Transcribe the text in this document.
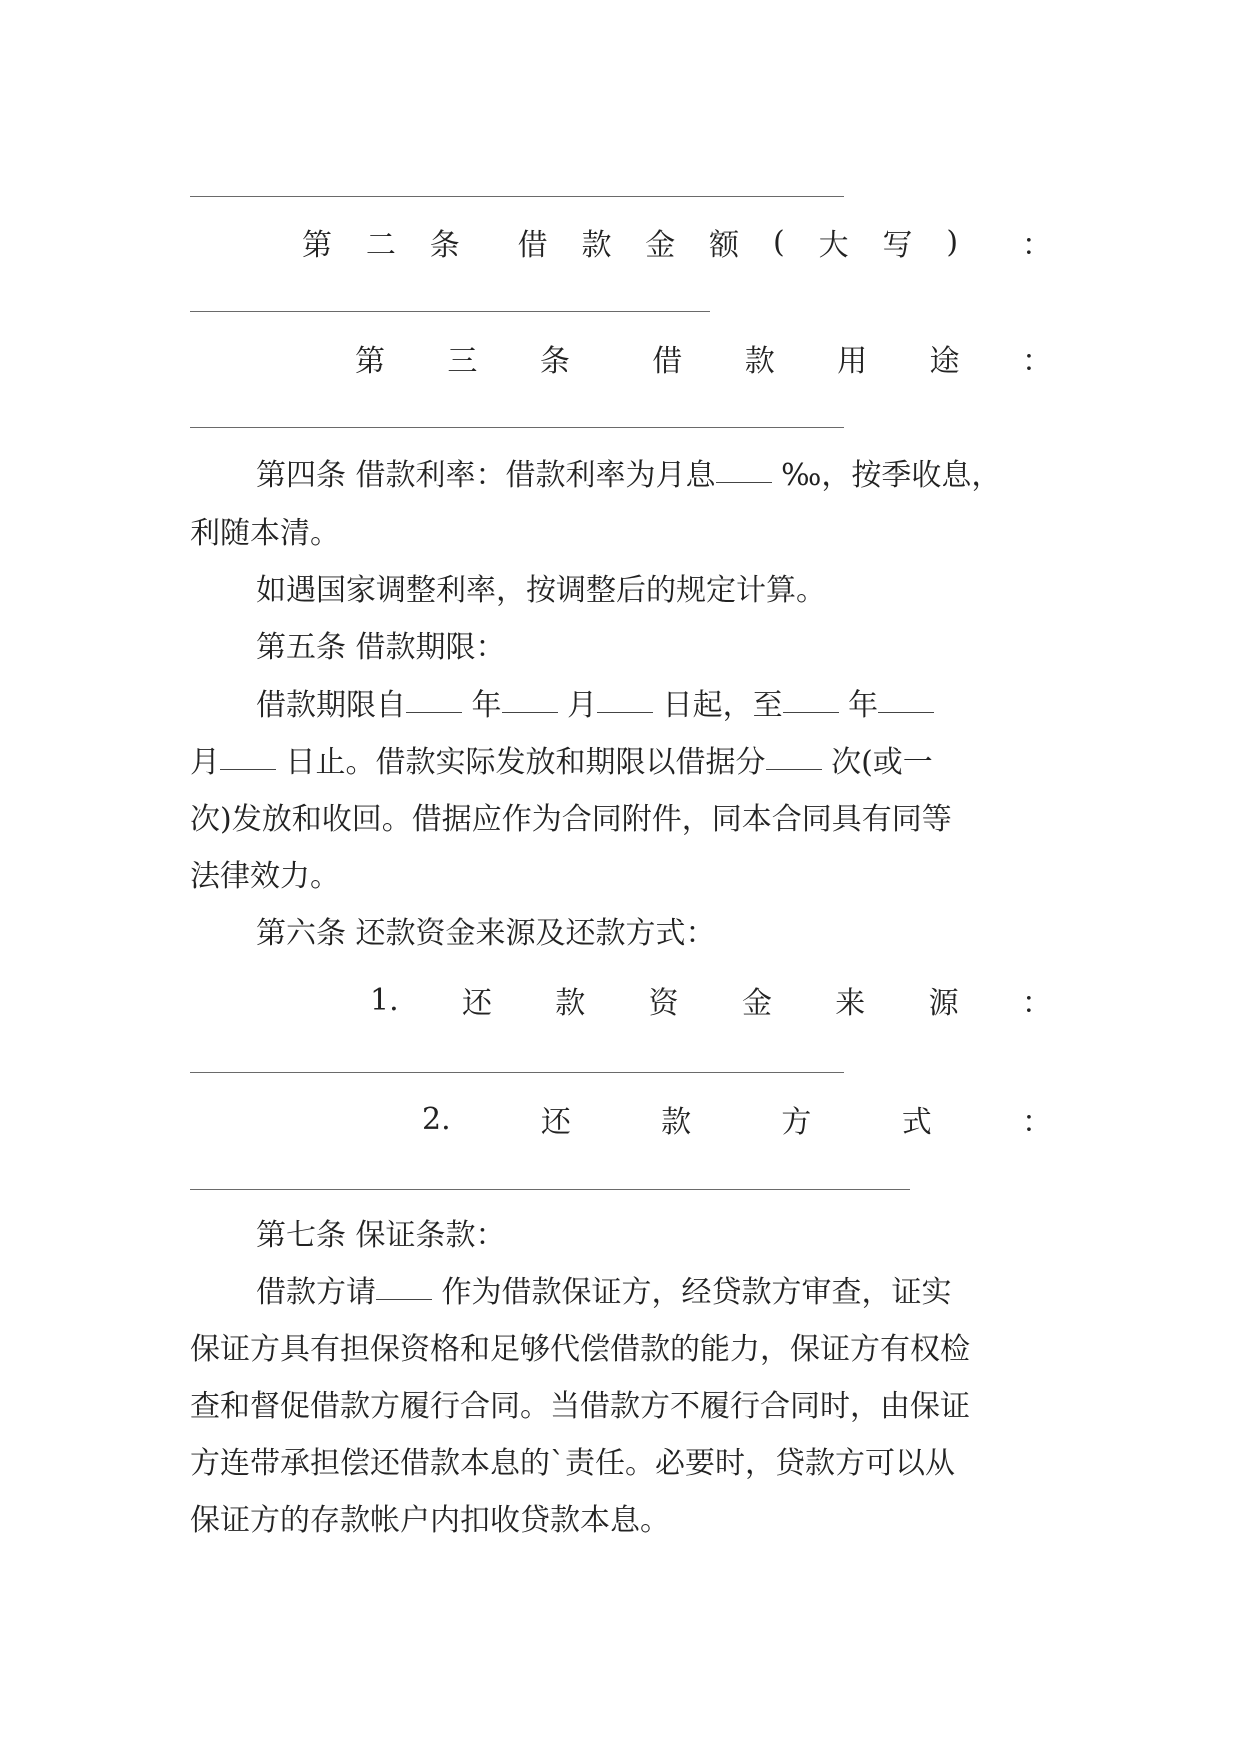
第 二 条 借 款 金 额 ( 大 写 ) ：
第 三 条	借 款 用 途 ：
第四条 借款利率：借款利率为月息 ‰，按季收息，
利随本清。
如遇国家调整利率，按调整后的规定计算。
第五条 借款期限：
借款期限自 年 月 日起，至 年
月 日止。借款实际发放和期限以借据分 次(或一
次)发放和收回。借据应作为合同附件，同本合同具有同等
法律效力。
第六条 还款资金来源及还款方式：
1. 还 款 资 金 来 源 ：
2.	还	款	方	式	：
第七条 保证条款：
借款方请 作为借款保证方，经贷款方审查，证实
保证方具有担保资格和足够代偿借款的能力，保证方有权检
查和督促借款方履行合同。当借款方不履行合同时，由保证
方连带承担偿还借款本息的`责任。必要时，贷款方可以从
保证方的存款帐户内扣收贷款本息。
